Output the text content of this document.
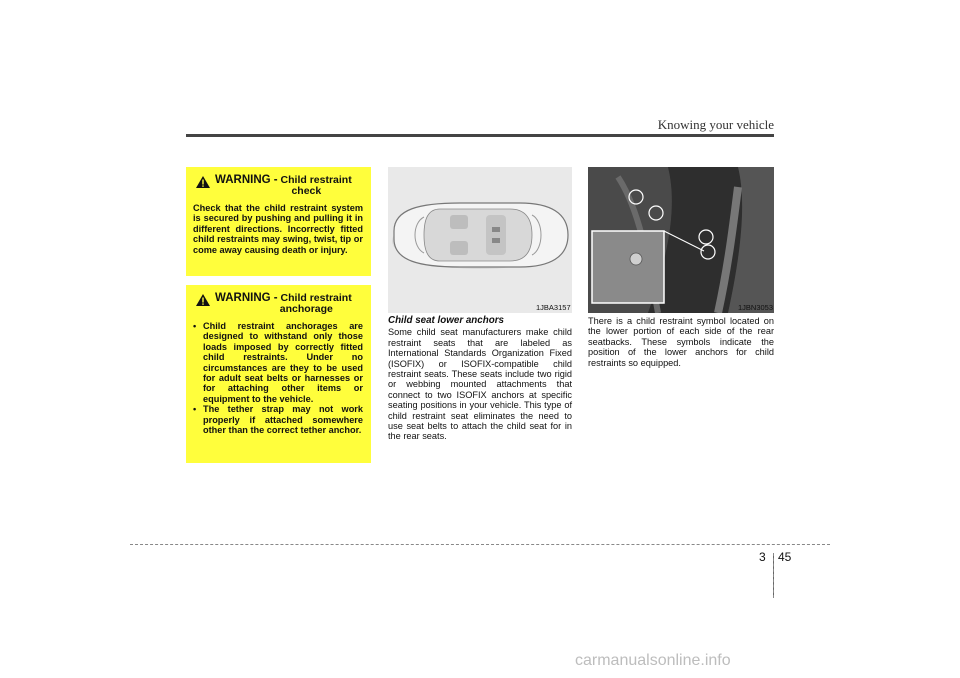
Knowing your vehicle
WARNING - Child restraint
check

Check that the child restraint system is secured by pushing and pulling it in different directions. Incorrectly fitted child restraints may swing, twist, tip or come away causing death or injury.

WARNING - Child restraint
anchorage
• Child restraint anchorages are designed to withstand only those loads imposed by correctly fitted child restraints. Under no circumstances are they to be used for adult seat belts or harnesses or for attaching other items or equipment to the vehicle.
• The tether strap may not work properly if attached somewhere other than the correct tether anchor.
1JBA3157	1JBN3053
Child seat lower anchors

Some child seat manufacturers make child restraint seats that are labeled as International Standards Organization Fixed (ISOFIX) or ISOFIX-compatible child restraint seats. These seats include two rigid or webbing mounted attachments that connect to two ISOFIX anchors at specific seating positions in your vehicle. This type of child restraint seat eliminates the need to use seat belts to attach the child seat for in the rear seats.

There is a child restraint symbol located on the lower portion of each side of the rear seatbacks. These symbols indicate the position of the lower anchors for child restraints so equipped.

3 45
carmanualsonline.info
